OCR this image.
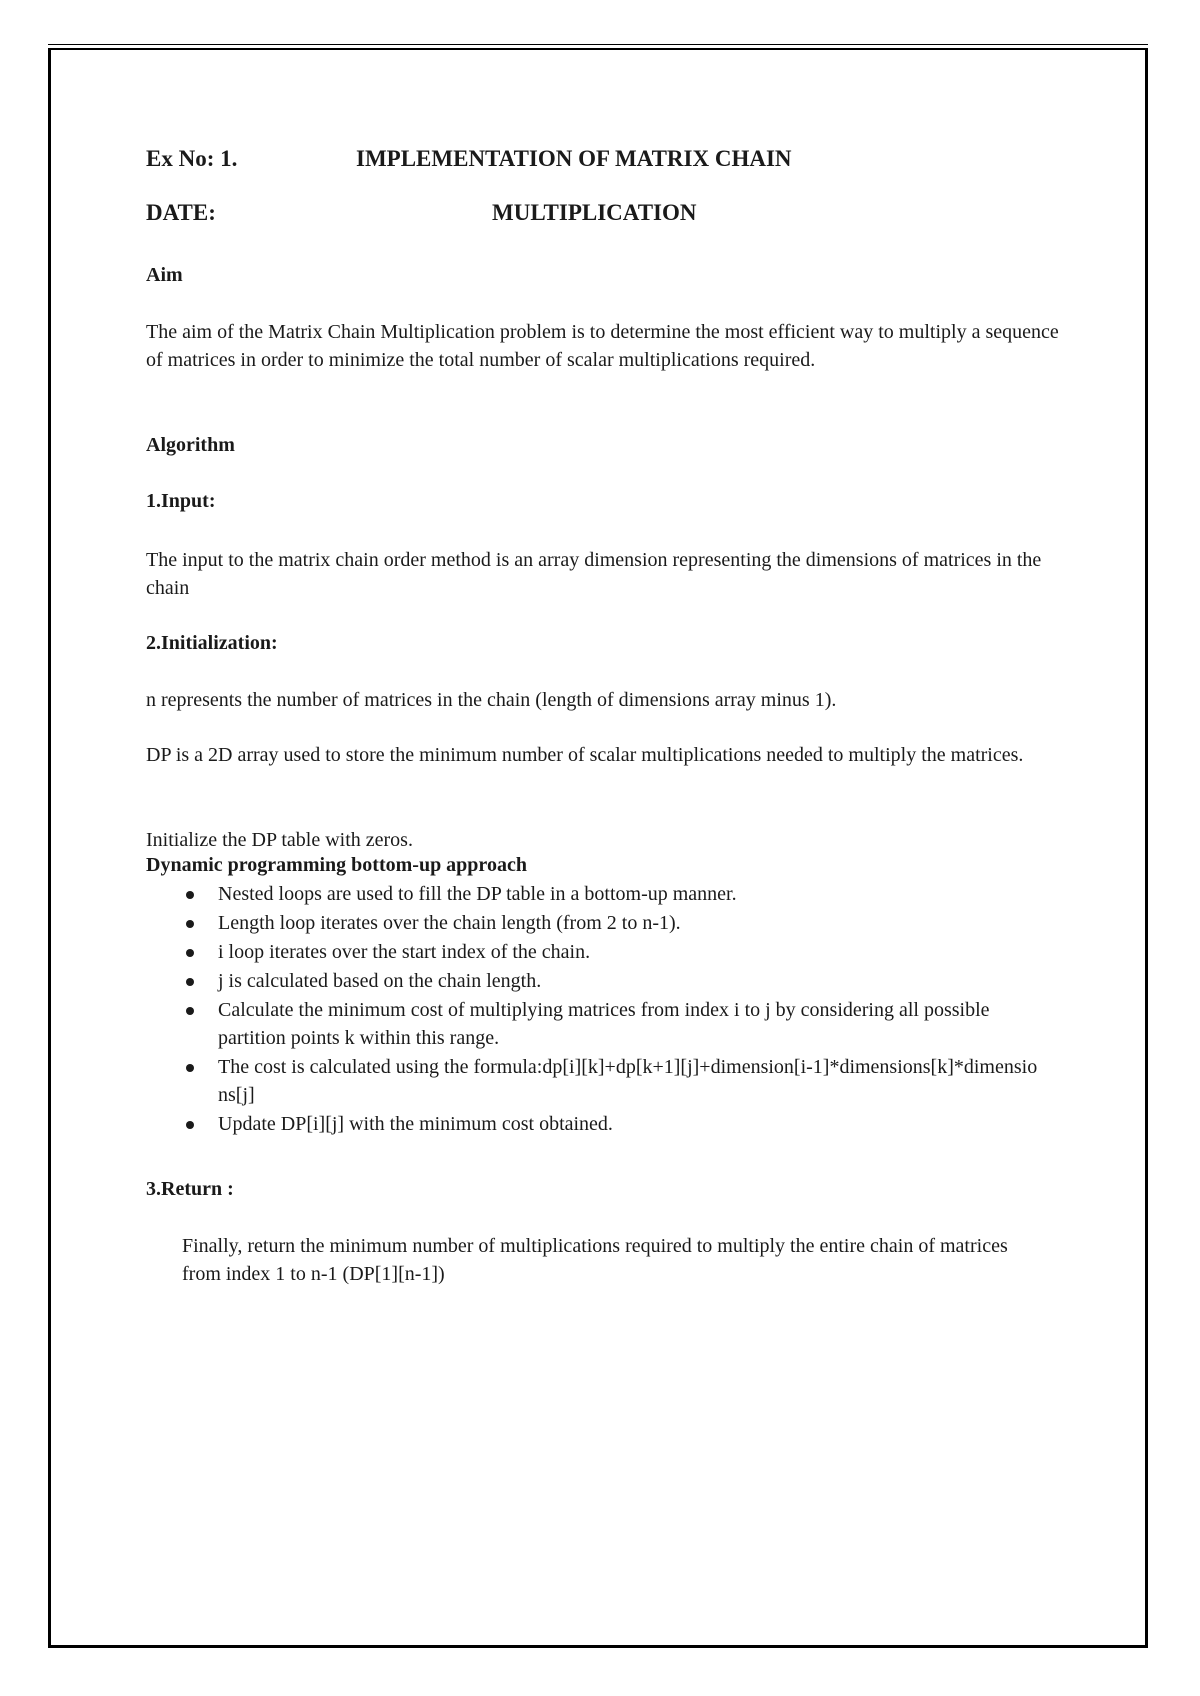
Ex No: 1.	IMPLEMENTATION OF MATRIX CHAIN
DATE:	MULTIPLICATION
Aim
The aim of the Matrix Chain Multiplication problem is to determine the most efficient way to multiply a sequence of matrices in order to minimize the total number of scalar multiplications required.
Algorithm
1.Input:
The input to the matrix chain order method is an array dimension representing the dimensions of matrices in the chain
2.Initialization:
n represents the number of matrices in the chain (length of dimensions array minus 1).
DP is a 2D array used to store the minimum number of scalar multiplications needed to multiply the matrices.
Initialize the DP table with zeros.
Dynamic programming bottom-up approach
Nested loops are used to fill the DP table in a bottom-up manner.
Length loop iterates over the chain length (from 2 to n-1).
i loop iterates over the start index of the chain.
j is calculated based on the chain length.
Calculate the minimum cost of multiplying matrices from index i to j by considering all possible partition points k within this range.
The cost is calculated using the formula:dp[i][k]+dp[k+1][j]+dimension[i-1]*dimensions[k]*dimensions[j]
Update DP[i][j] with the minimum cost obtained.
3.Return :
Finally, return the minimum number of multiplications required to multiply the entire chain of matrices from index 1 to n-1 (DP[1][n-1])
